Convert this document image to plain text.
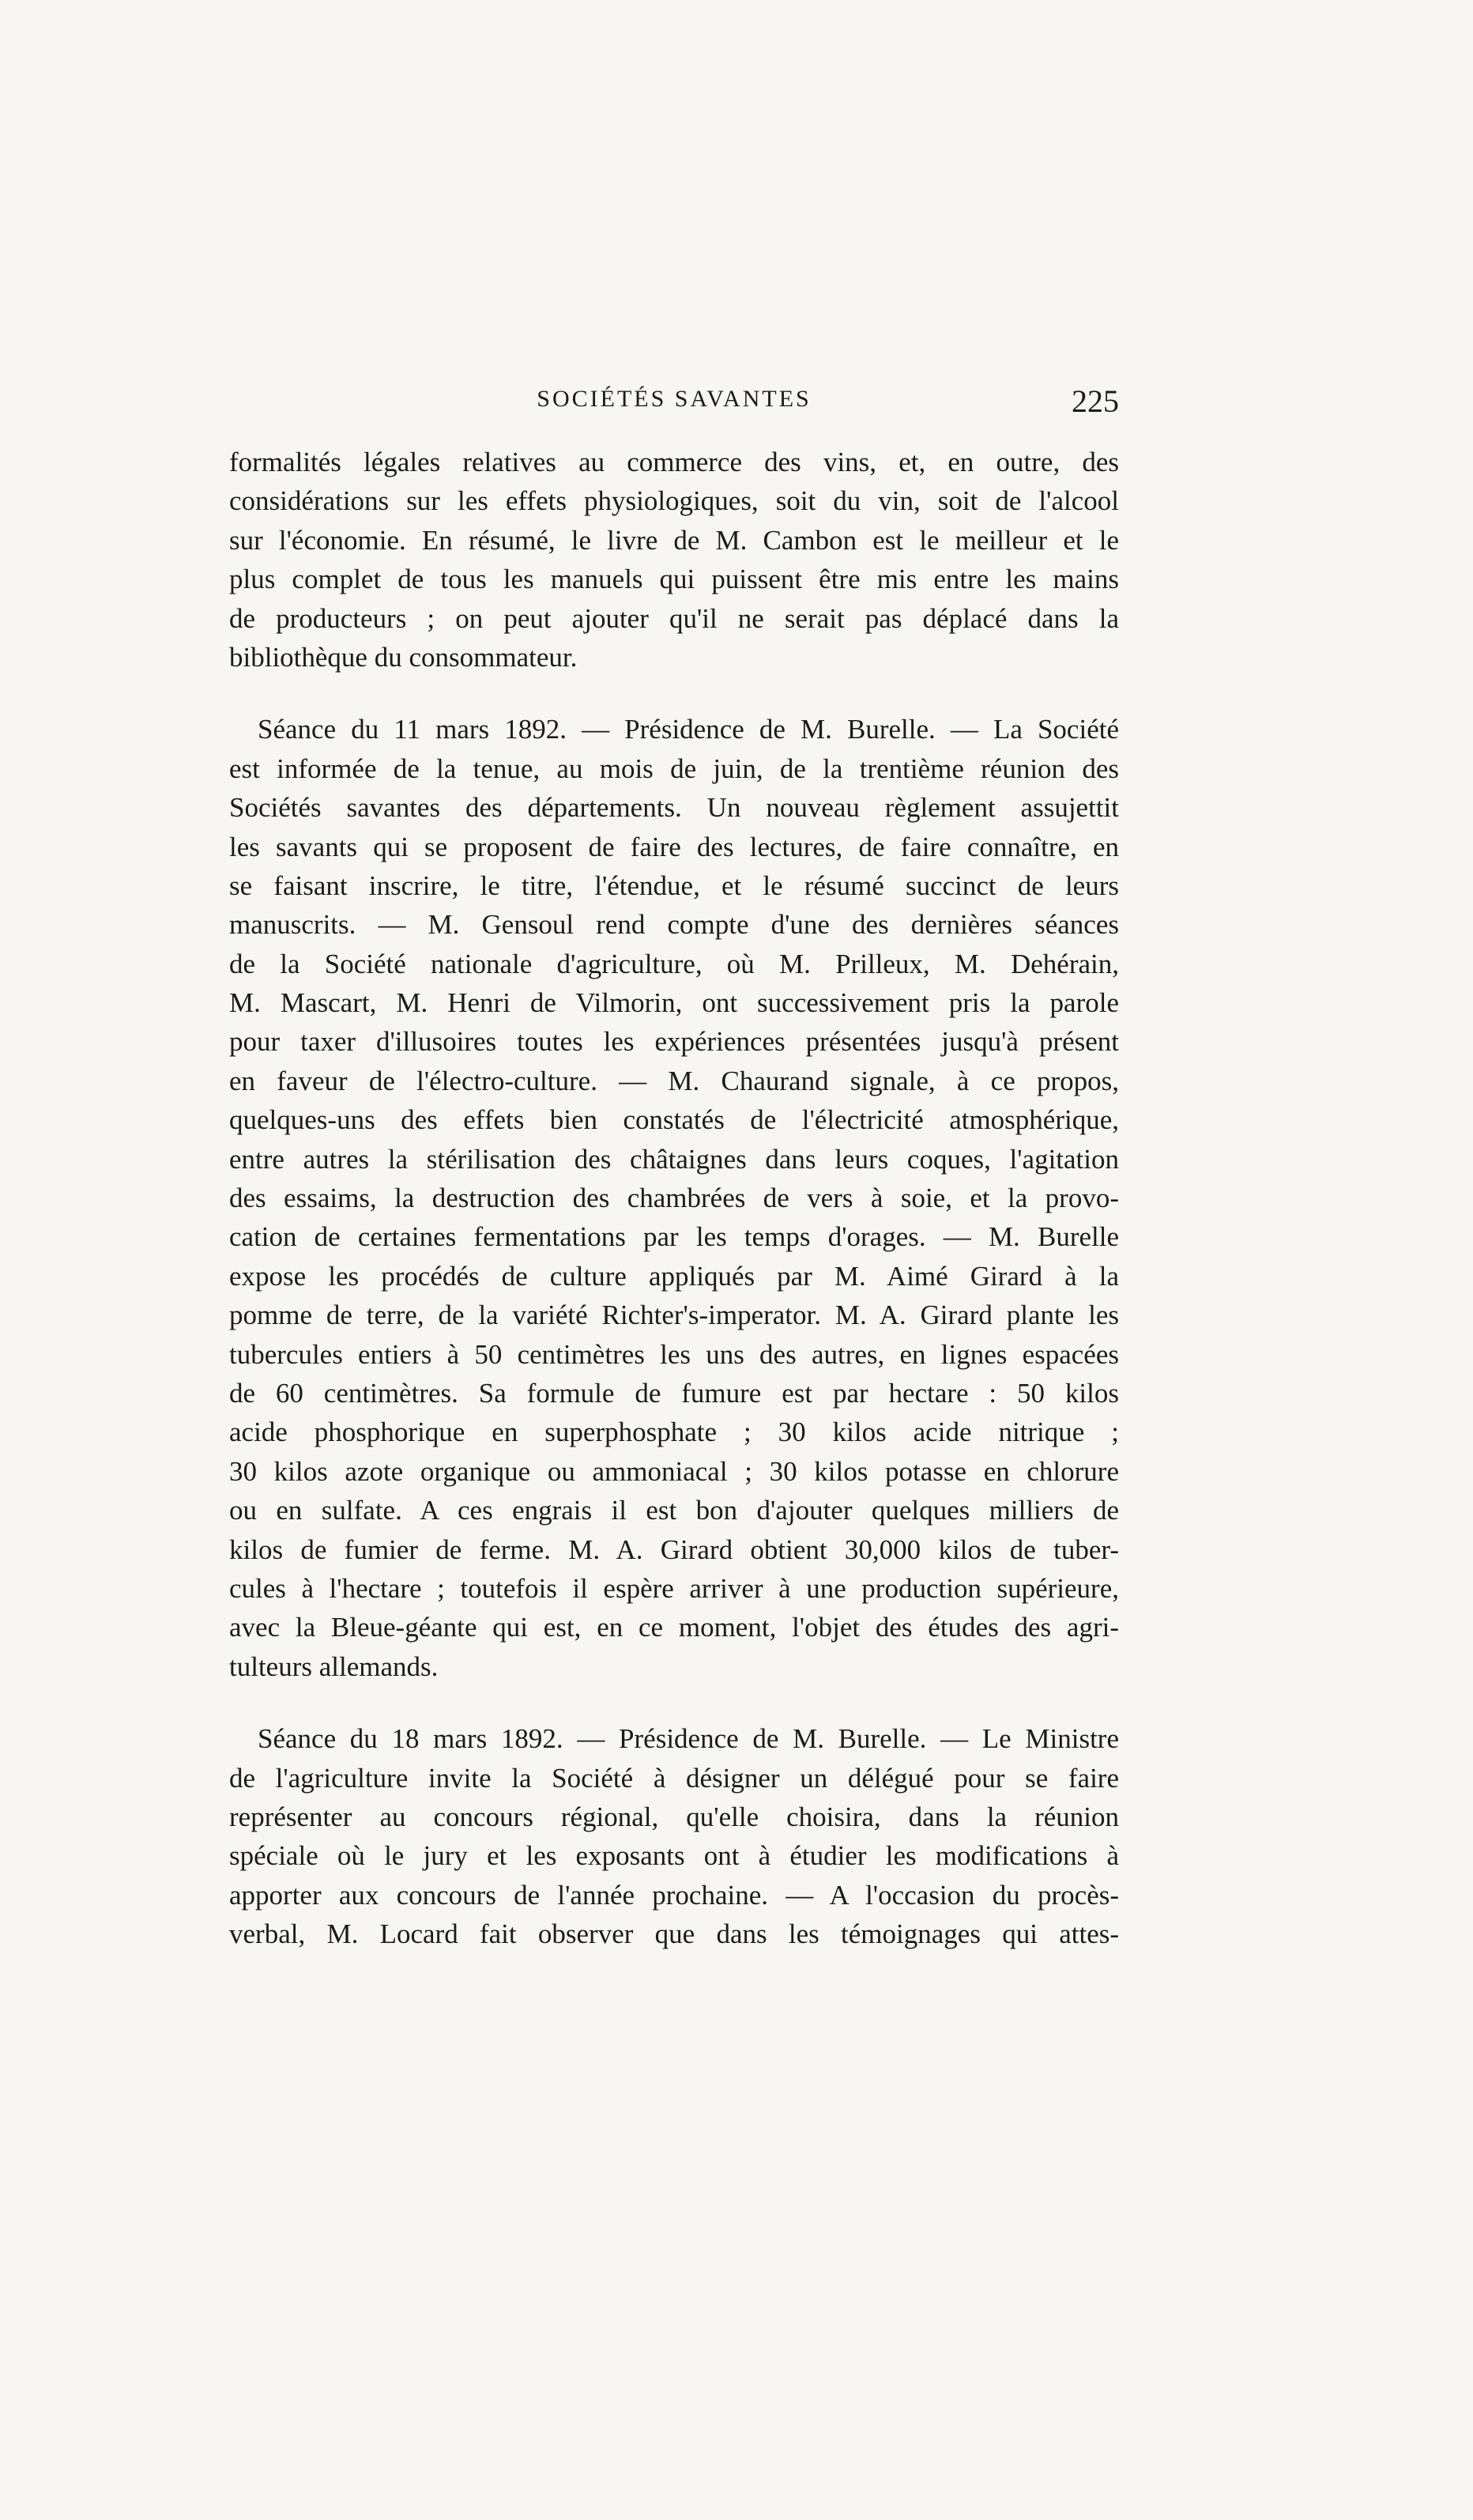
SOCIÉTÉS SAVANTES	225
formalités légales relatives au commerce des vins, et, en outre, des
considérations sur les effets physiologiques, soit du vin, soit de l'alcool
sur l'économie. En résumé, le livre de M. Cambon est le meilleur et le
plus complet de tous les manuels qui puissent être mis entre les mains
de producteurs ; on peut ajouter qu'il ne serait pas déplacé dans la
bibliothèque du consommateur.
Séance du 11 mars 1892. — Présidence de M. Burelle. — La Société
est informée de la tenue, au mois de juin, de la trentième réunion des
Sociétés savantes des départements. Un nouveau règlement assujettit
les savants qui se proposent de faire des lectures, de faire connaître, en
se faisant inscrire, le titre, l'étendue, et le résumé succinct de leurs
manuscrits. — M. Gensoul rend compte d'une des dernières séances
de la Société nationale d'agriculture, où M. Prilleux, M. Dehérain,
M. Mascart, M. Henri de Vilmorin, ont successivement pris la parole
pour taxer d'illusoires toutes les expériences présentées jusqu'à présent
en faveur de l'électro-culture. — M. Chaurand signale, à ce propos,
quelques-uns des effets bien constatés de l'électricité atmosphérique,
entre autres la stérilisation des châtaignes dans leurs coques, l'agitation
des essaims, la destruction des chambrées de vers à soie, et la provo-
cation de certaines fermentations par les temps d'orages. — M. Burelle
expose les procédés de culture appliqués par M. Aimé Girard à la
pomme de terre, de la variété Richter's-imperator. M. A. Girard plante les
tubercules entiers à 50 centimètres les uns des autres, en lignes espacées
de 60 centimètres. Sa formule de fumure est par hectare : 50 kilos
acide phosphorique en superphosphate ; 30 kilos acide nitrique ;
30 kilos azote organique ou ammoniacal ; 30 kilos potasse en chlorure
ou en sulfate. A ces engrais il est bon d'ajouter quelques milliers de
kilos de fumier de ferme. M. A. Girard obtient 30,000 kilos de tuber-
cules à l'hectare ; toutefois il espère arriver à une production supérieure,
avec la Bleue-géante qui est, en ce moment, l'objet des études des agri-
tulteurs allemands.
Séance du 18 mars 1892. — Présidence de M. Burelle. — Le Ministre
de l'agriculture invite la Société à désigner un délégué pour se faire
représenter au concours régional, qu'elle choisira, dans la réunion
spéciale où le jury et les exposants ont à étudier les modifications à
apporter aux concours de l'année prochaine. — A l'occasion du procès-
verbal, M. Locard fait observer que dans les témoignages qui attes-
